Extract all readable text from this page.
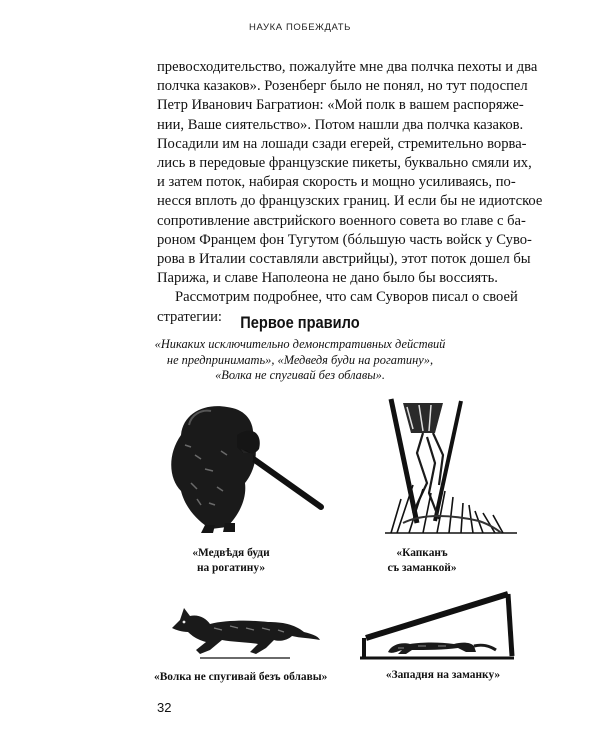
НАУКА ПОБЕЖДАТЬ
превосходительство, пожалуйте мне два полчка пехоты и два
полчка казаков». Розенберг было не понял, но тут подоспел
Петр Иванович Багратион: «Мой полк в вашем распоряже-
нии, Ваше сиятельство». Потом нашли два полчка казаков.
Посадили им на лошади сзади егерей, стремительно ворва-
лись в передовые французские пикеты, буквально смяли их,
и затем поток, набирая скорость и мощно усиливаясь, по-
несся вплоть до французских границ. И если бы не идиотское
сопротивление австрийского военного совета во главе с ба-
роном Францем фон Тугутом (бóльшую часть войск у Суво-
рова в Италии составляли австрийцы), этот поток дошел бы
Парижа, и славе Наполеона не дано было бы воссиять.
Рассмотрим подробнее, что сам Суворов писал о своей
стратегии:	Первое правило
«Никаких исключительно демонстративных действий
не предпринимать», «Медведя буди на рогатину»,
«Волка не спугивай без облавы».
«Медвѣдя буди
на рогатину»
«Капканъ
съ заманкой»
«Волка не спугивай безъ облавы»	«Западня на заманку»
32
